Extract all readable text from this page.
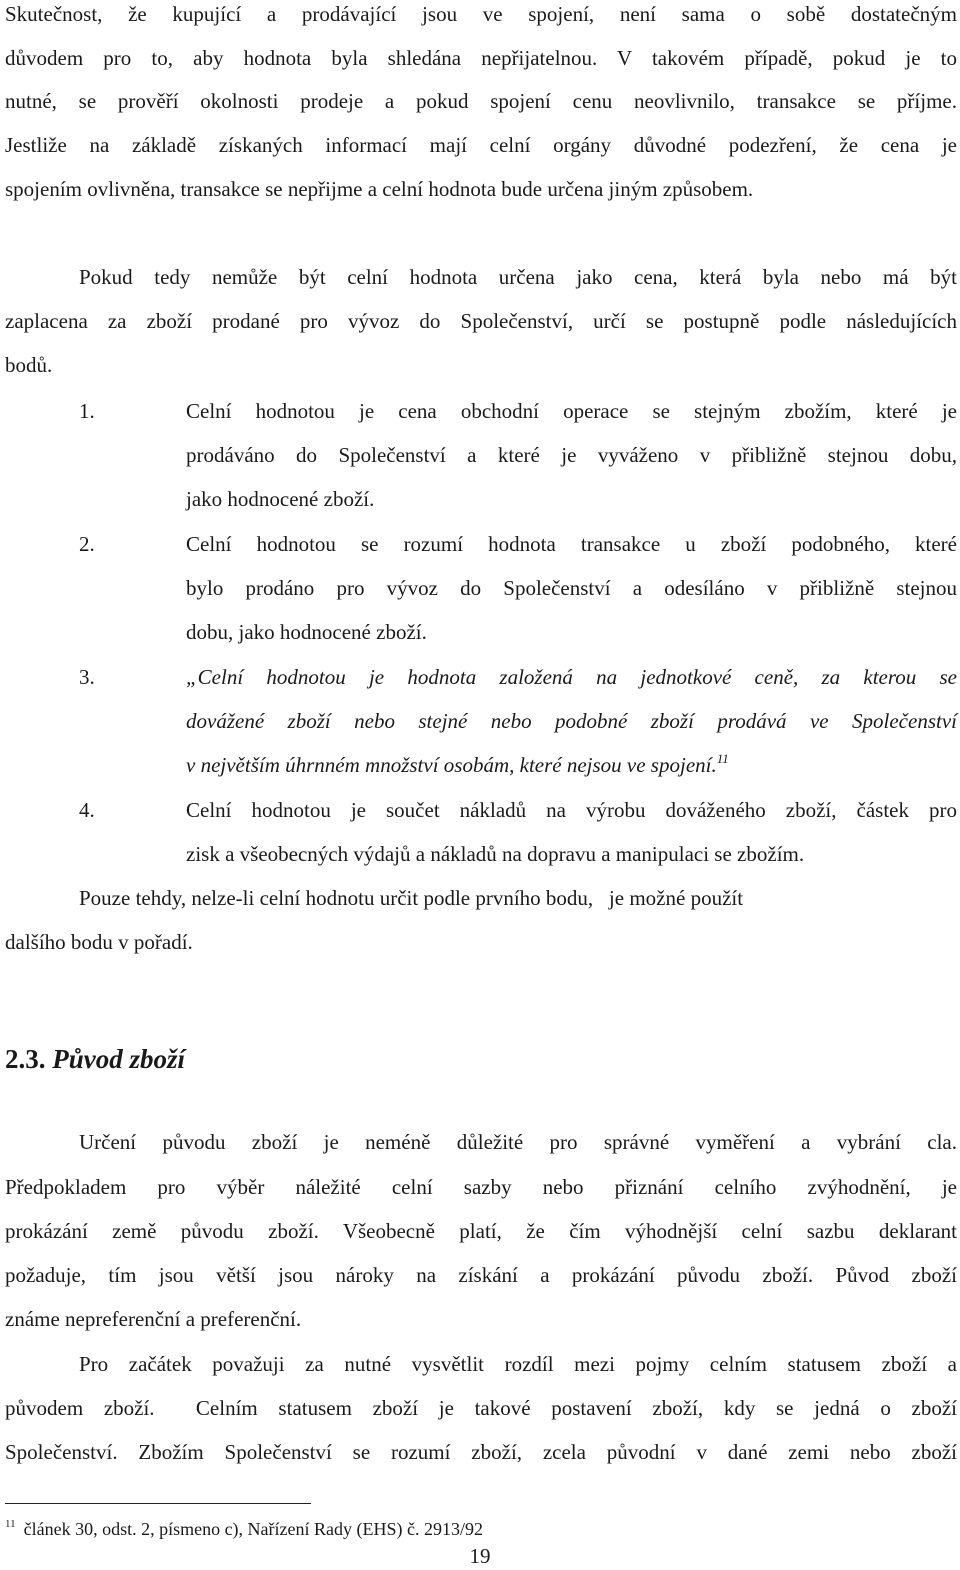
Skutečnost, že kupující a prodávající jsou ve spojení, není sama o sobě dostatečným
důvodem pro to, aby hodnota byla shledána nepřijatelnou. V takovém případě, pokud je to
nutné, se prověří okolnosti prodeje a pokud spojení cenu neovlivnilo, transakce se příjme.
Jestliže na základě získaných informací mají celní orgány důvodné podezření, že cena je
spojením ovlivněna, transakce se nepřijme a celní hodnota bude určena jiným způsobem.
Pokud tedy nemůže být celní hodnota určena jako cena, která byla nebo má být
zaplacena za zboží prodané pro vývoz do Společenství, určí se postupně podle následujících
bodů.
1.	Celní hodnotou je cena obchodní operace se stejným zbožím, které je
prodáváno do Společenství a které je vyváženo v přibližně stejnou dobu,
jako hodnocené zboží.
2.	Celní hodnotou se rozumí hodnota transakce u zboží podobného, které
bylo prodáno pro vývoz do Společenství a odesíláno v přibližně stejnou
dobu, jako hodnocené zboží.
3.	„Celní hodnotou je hodnota založená na jednotkové ceně, za kterou se
dovážené zboží nebo stejné nebo podobné zboží prodává ve Společenství
v největším úhrnném množství osobám, které nejsou ve spojení.$^{11}$
4.	Celní hodnotou je součet nákladů na výrobu dováženého zboží, částek pro
zisk a všeobecných výdajů a nákladů na dopravu a manipulaci se zbožím.
Pouze tehdy, nelze-li celní hodnotu určit podle prvního bodu,   je možné použít
dalšího bodu v pořadí.
2.3. Původ zboží
Určení původu zboží je neméně důležité pro správné vyměření a vybrání cla.
Předpokladem pro výběr náležité celní sazby nebo přiznání celního zvýhodnění, je
prokázání země původu zboží. Všeobecně platí, že čím výhodnější celní sazbu deklarant
požaduje, tím jsou větší jsou nároky na získání a prokázání původu zboží. Původ zboží
známe nepreferenční a preferenční.
Pro začátek považuji za nutné vysvětlit rozdíl mezi pojmy celním statusem zboží a
původem zboží.  Celním statusem zboží je takové postavení zboží, kdy se jedná o zboží
Společenství. Zbožím Společenství se rozumí zboží, zcela původní v dané zemi nebo zboží
$^{11}$ článek 30, odst. 2, písmeno c), Nařízení Rady (EHS) č. 2913/92
19
